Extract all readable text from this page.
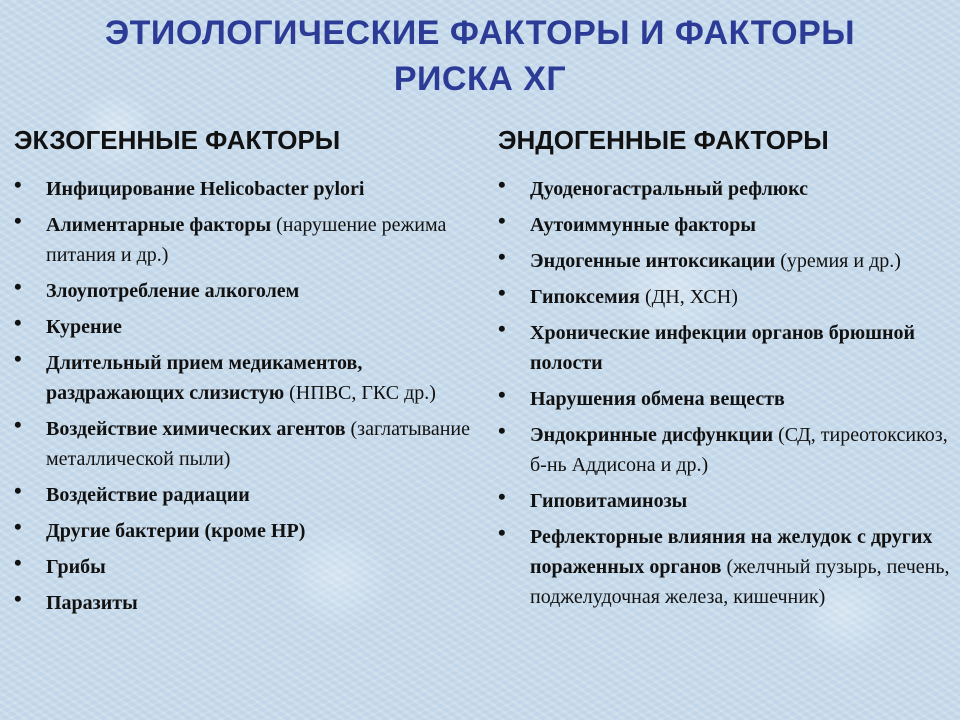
ЭТИОЛОГИЧЕСКИЕ ФАКТОРЫ И ФАКТОРЫ
РИСКА ХГ
ЭКЗОГЕННЫЕ ФАКТОРЫ
• Инфицирование Helicobacter pylori
• Алиментарные факторы (нарушение режима питания и др.)
• Злоупотребление алкоголем
• Курение
• Длительный прием медикаментов, раздражающих слизистую (НПВС, ГКС др.)
• Воздействие химических агентов (заглатывание металлической пыли)
• Воздействие радиации
• Другие бактерии (кроме НР)
• Грибы
• Паразиты
ЭНДОГЕННЫЕ ФАКТОРЫ
• Дуоденогастральный рефлюкс
• Аутоиммунные факторы
• Эндогенные интоксикации (уремия и др.)
• Гипоксемия (ДН, ХСН)
• Хронические инфекции органов брюшной полости
• Нарушения обмена веществ
• Эндокринные дисфункции (СД, тиреотоксикоз, б-нь Аддисона и др.)
• Гиповитаминозы
• Рефлекторные влияния на желудок с других пораженных органов (желчный пузырь, печень, поджелудочная железа, кишечник)
